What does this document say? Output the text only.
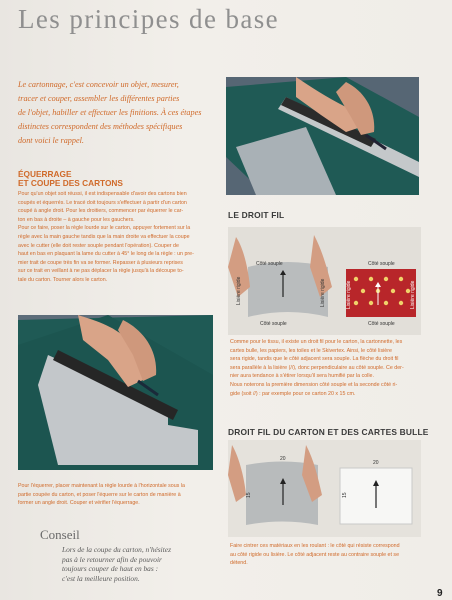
Les principes de base

Le cartonnage, c'est concevoir un objet, mesurer,

tracer et couper, assembler les différentes parties

de l'objet, habiller et effectuer les finitions. À ces étapes

distinctes correspondent des méthodes spécifiques

dont voici le rappel.

ÉQUERRAGE

ET COUPE DES CARTONS

Pour qu'un objet soit réussi, il est indispensable d'avoir des cartons bien

coupés et équerrés. Le tracé doit toujours s'effectuer à partir d'un carton

coupé à angle droit. Pour les droitiers, commencer par équerrer le car-

ton en bas à droite – à gauche pour les gauchers.

Pour ce faire, poser la règle lourde sur le carton, appuyer fortement sur la

règle avec la main gauche tandis que la main droite va effectuer la coupe

avec le cutter (elle doit rester souple pendant l'opération). Couper de

haut en bas en plaquant la lame du cutter à 45° le long de la règle : un pre-

mier trait de coupe très fin va se former. Repasser à plusieurs reprises

sur ce trait en veillant à ne pas déplacer la règle jusqu'à la découpe to-

tale du carton. Tourner alors le carton.

LE DROIT FIL
Côté souple
Côté souple
Côté souple
Côté souple
Lisière rigide	Lisière rigide	Lisière rigide	Lisière rigide

Comme pour le tissu, il existe un droit fil pour le carton, la cartonnette, les

cartes bulle, les papiers, les toiles et le Skivertex. Ainsi, le côté lisière

sera rigide, tandis que le côté adjacent sera souple. La flèche du droit fil

sera parallèle à la lisière (//), donc perpendiculaire au côté souple. Ce der-

nier aura tendance à s'étirer lorsqu'il sera humifié par la colle.

Nous noterons la première dimension côté souple et la seconde côté ri-

gide (soit //) : par exemple pour ce carton 20 x 15 cm.

Pour l'équerrer, placer maintenant la règle lourde à l'horizontale sous la

partie coupée du carton, et poser l'équerre sur le carton de manière à

former un angle droit. Couper et vérifier l'équerrage.

DROIT FIL DU CARTON ET DES CARTES BULLE
20
20
15	15

Faire cintrer ces matériaux en les roulant : le côté qui résiste correspond

au côté rigide ou lisière. Le côté adjacent reste au contraire souple et se

détend.

Conseil

Lors de la coupe du carton, n'hésitez

pas à le retourner afin de pouvoir

toujours couper de haut en bas :

c'est la meilleure position.

9
